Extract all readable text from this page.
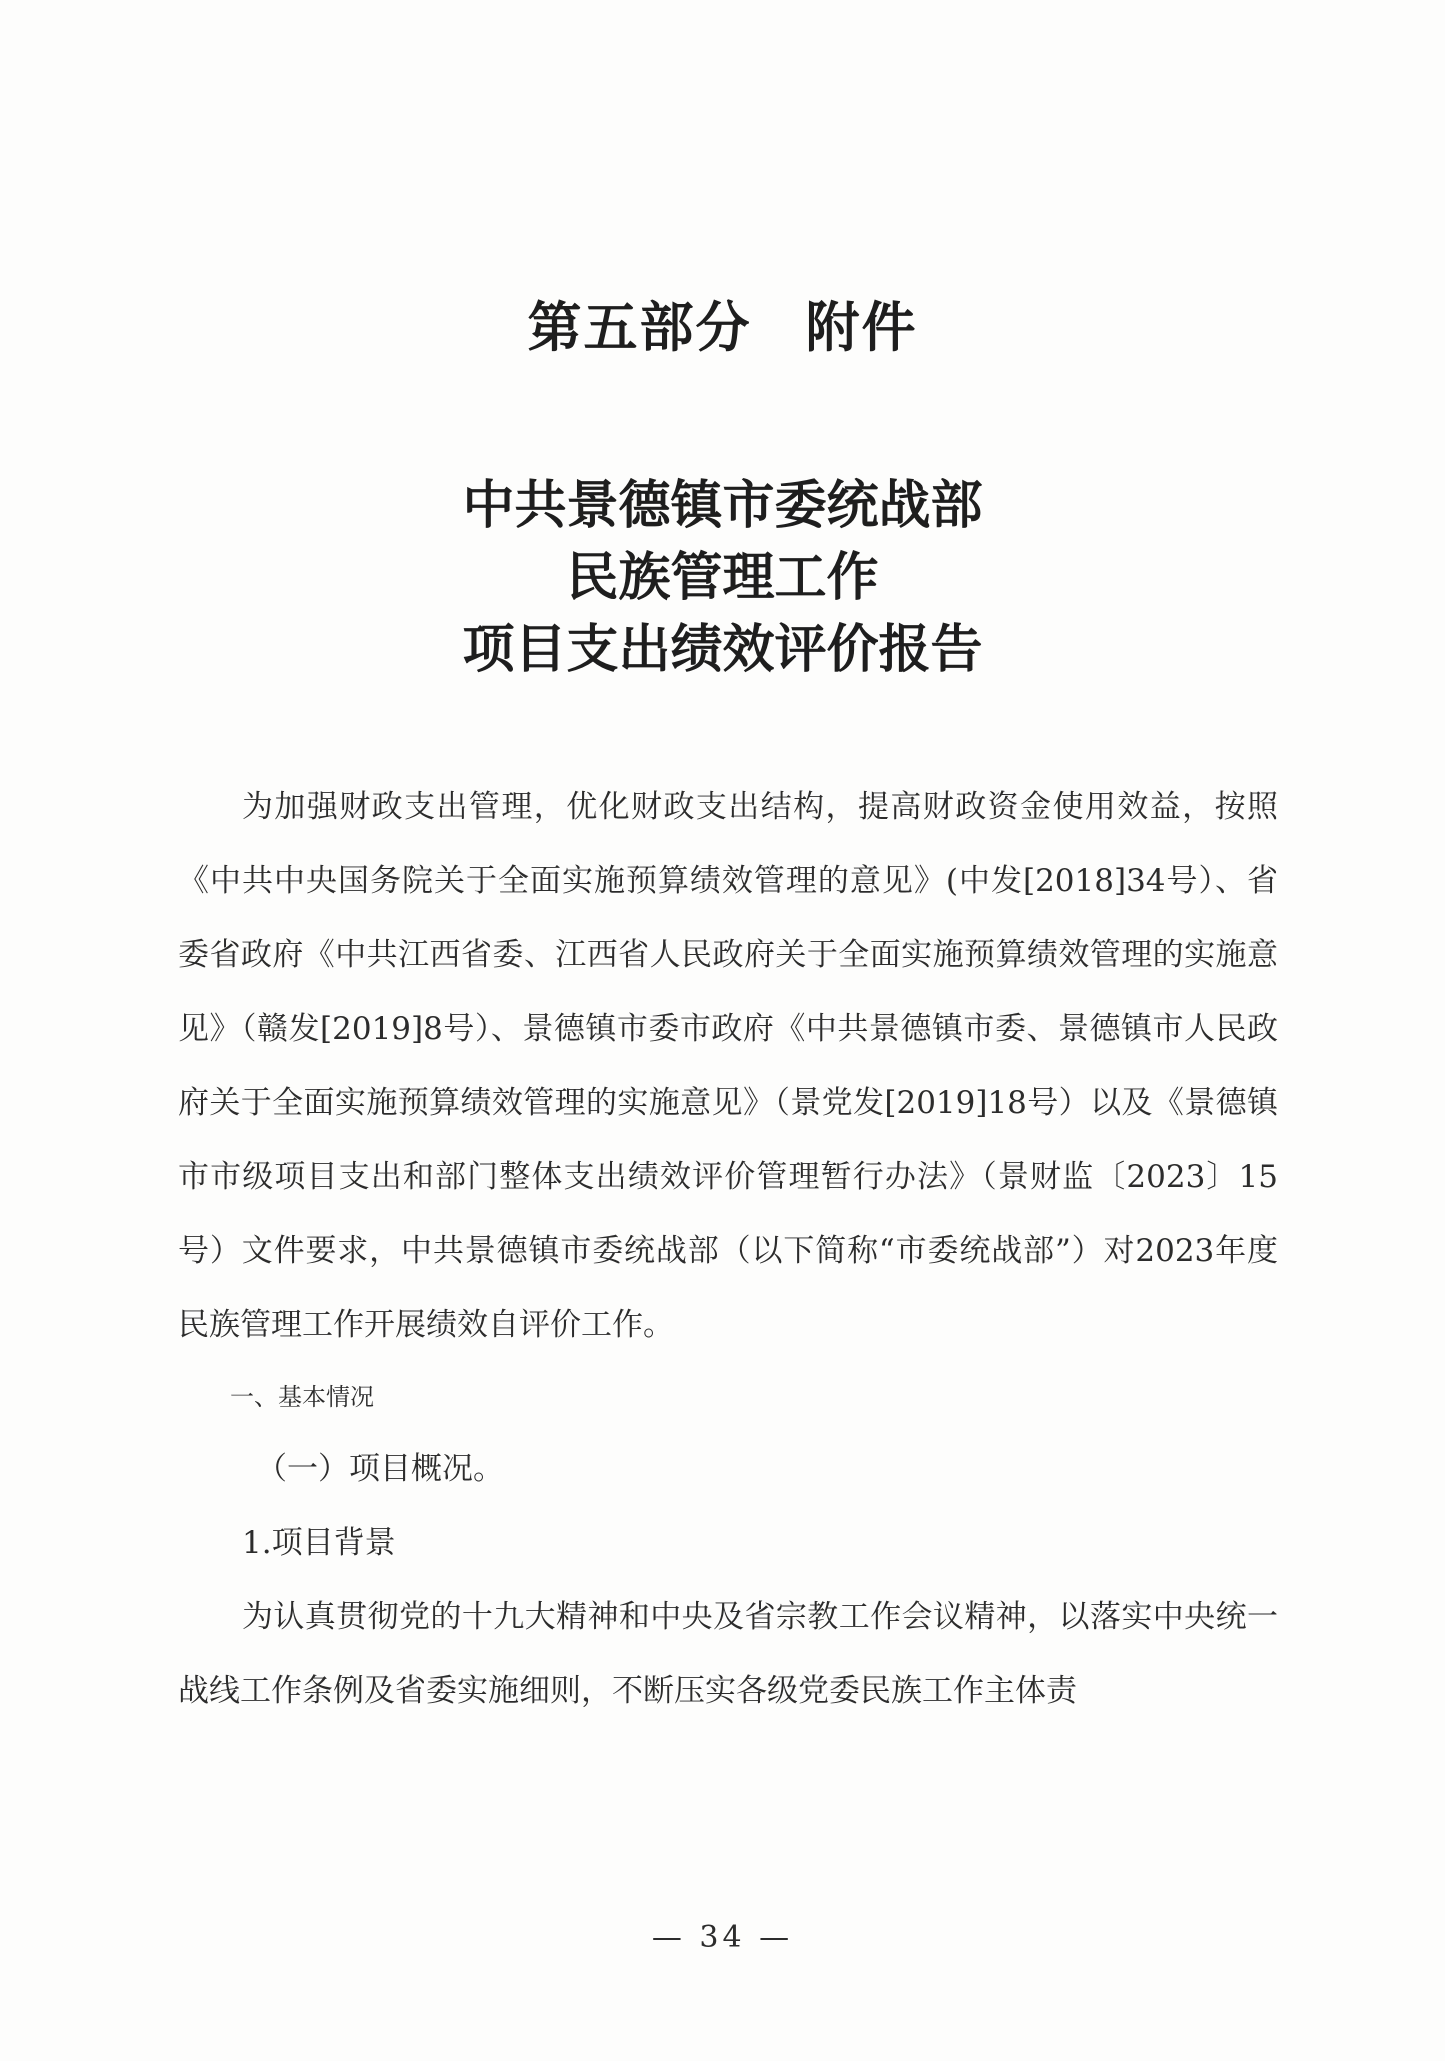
第五部分 附件
中共景德镇市委统战部
民族管理工作
项目支出绩效评价报告

为加强财政支出管理，优化财政支出结构，提高财政资金使用效益，按照《中共中央国务院关于全面实施预算绩效管理的意见》(中发[2018]34号）、省委省政府《中共江西省委、江西省人民政府关于全面实施预算绩效管理的实施意见》（赣发[2019]8号）、景德镇市委市政府《中共景德镇市委、景德镇市人民政府关于全面实施预算绩效管理的实施意见》（景党发[2019]18号）以及《景德镇市市级项目支出和部门整体支出绩效评价管理暂行办法》（景财监〔2023〕15号）文件要求，中共景德镇市委统战部（以下简称“市委统战部”）对2023年度民族管理工作开展绩效自评价工作。

一、基本情况
（一）项目概况。
1.项目背景

为认真贯彻党的十九大精神和中央及省宗教工作会议精神，以落实中央统一战线工作条例及省委实施细则，不断压实各级党委民族工作主体责

— 34 —
